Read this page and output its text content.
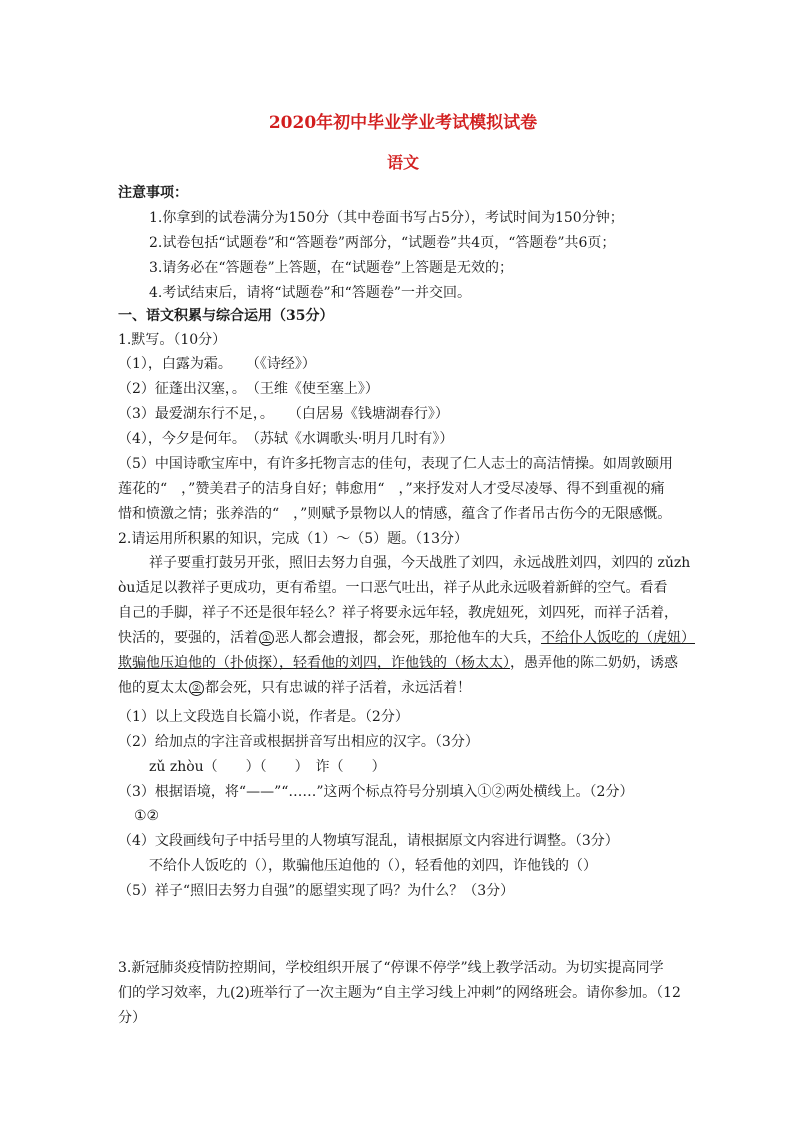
2020年初中毕业学业考试模拟试卷
语文
注意事项：
1.你拿到的试卷满分为150分（其中卷面书写占5分），考试时间为150分钟；
2.试卷包括“试题卷”和“答题卷”两部分，“试题卷”共4页，“答题卷”共6页；
3.请务必在“答题卷”上答题，在“试题卷”上答题是无效的；
4.考试结束后，请将“试题卷”和“答题卷”一并交回。
一、语文积累与综合运用（35分）
1.默写。（10分）
（1），白露为霜。　　（《诗经》）
（2）征蓬出汉塞，。　（王维《使至塞上》）
（3）最爱湖东行不足，。　　（白居易《钱塘湖春行》）
（4），今夕是何年。　（苏轼《水调歌头·明月几时有》）
（5）中国诗歌宝库中，有许多托物言志的佳句，表现了仁人志士的高洁情操。如周敦颐用
莲花的“　，”赞美君子的洁身自好；韩愈用“　，”来抒发对人才受尽凌辱、得不到重视的痛
惜和愤激之情；张养浩的“　，”则赋予景物以人的情感，蕴含了作者吊古伤今的无限感慨。
2.请运用所积累的知识，完成（1）～（5）题。（13分）
祥子要重打鼓另开张，照旧去努力自强，今天战胜了刘四，永远战胜刘四，刘四的 zǔzh
òu适足以教祥子更成功，更有希望。一口恶气吐出，祥子从此永远吸着新鲜的空气。看看
自己的手脚，祥子不还是很年轻么？祥子将要永远年轻，教虎妞死，刘四死，而祥子活着，
快活的，要强的，活着 ① 恶人都会遭报，都会死，那抢他车的大兵，不给仆人饭吃的（虎妞）
欺骗他压迫他的（扑侦探），轻看他的刘四，诈他钱的（杨太太），愚弄他的陈二奶奶，诱惑
他的夏太太 ② 都会死，只有忠诚的祥子活着，永远活着！
（1）以上文段选自长篇小说，作者是。（2分）
（2）给加点的字注音或根据拼音写出相应的汉字。（3分）
zǔ zhòu（　　）（　　）　诈（　　）
（3）根据语境，将“——”“……”这两个标点符号分别填入①②两处横线上。（2分）
①②
（4）文段画线句子中括号里的人物填写混乱，请根据原文内容进行调整。（3分）
不给仆人饭吃的（），欺骗他压迫他的（），轻看他的刘四，诈他钱的（）
（5）祥子“照旧去努力自强”的愿望实现了吗？为什么？（3分）
3.新冠肺炎疫情防控期间，学校组织开展了“停课不停学”线上教学活动。为切实提高同学
们的学习效率，九(2)班举行了一次主题为“自主学习线上冲刺”的网络班会。请你参加。（12
分）
